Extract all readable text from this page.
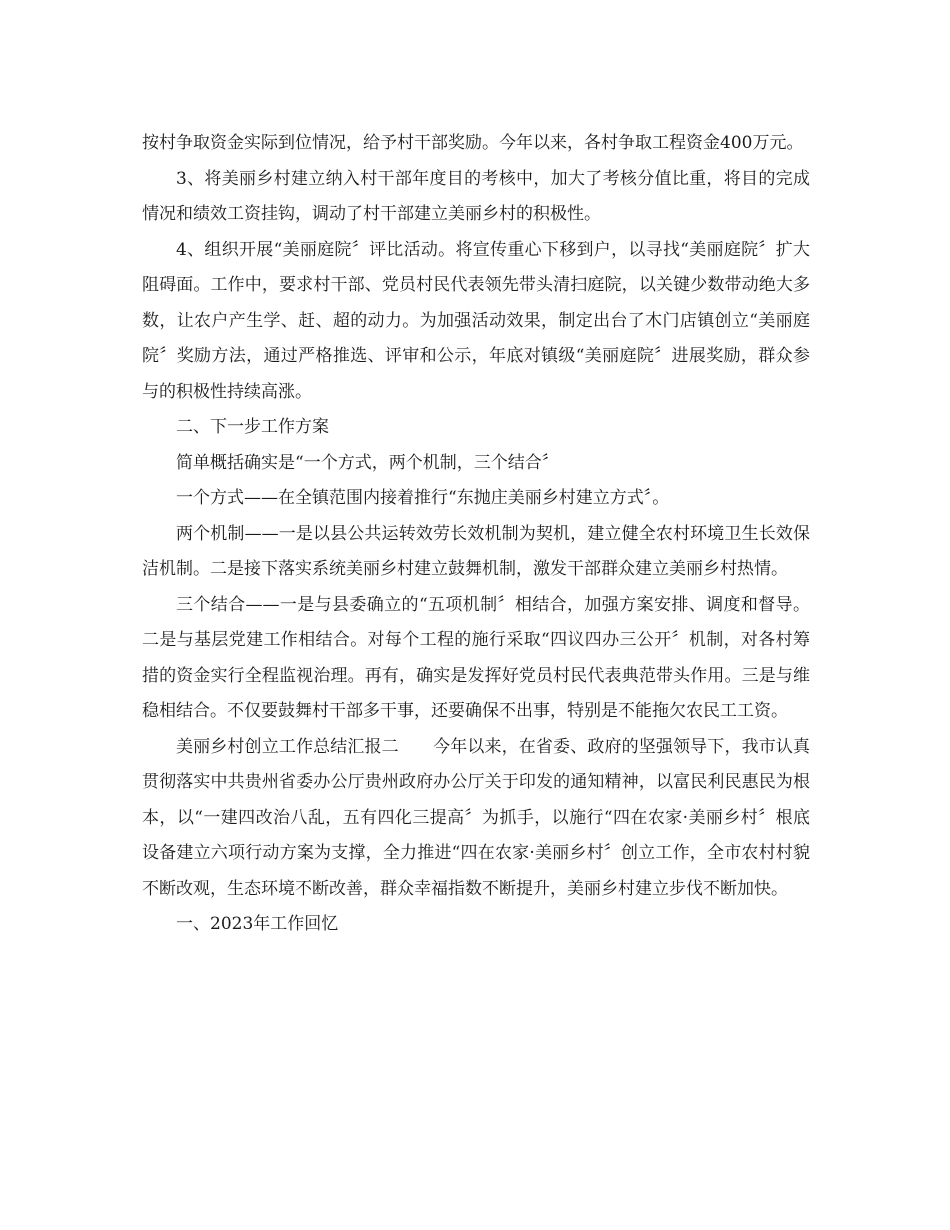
按村争取资金实际到位情况，给予村干部奖励。今年以来，各村争取工程资金400万元。

3、将美丽乡村建立纳入村干部年度目的考核中，加大了考核分值比重，将目的完成情况和绩效工资挂钩，调动了村干部建立美丽乡村的积极性。

4、组织开展“美丽庭院〞评比活动。将宣传重心下移到户，以寻找“美丽庭院〞扩大阻碍面。工作中，要求村干部、党员村民代表领先带头清扫庭院，以关键少数带动绝大多数，让农户产生学、赶、超的动力。为加强活动效果，制定出台了木门店镇创立“美丽庭院〞奖励方法，通过严格推选、评审和公示，年底对镇级“美丽庭院〞进展奖励，群众参与的积极性持续高涨。

二、下一步工作方案

简单概括确实是“一个方式，两个机制，三个结合〞

一个方式——在全镇范围内接着推行“东抛庄美丽乡村建立方式〞。

两个机制——一是以县公共运转效劳长效机制为契机，建立健全农村环境卫生长效保洁机制。二是接下落实系统美丽乡村建立鼓舞机制，激发干部群众建立美丽乡村热情。

三个结合——一是与县委确立的“五项机制〞相结合，加强方案安排、调度和督导。二是与基层党建工作相结合。对每个工程的施行采取“四议四办三公开〞机制，对各村筹措的资金实行全程监视治理。再有，确实是发挥好党员村民代表典范带头作用。三是与维稳相结合。不仅要鼓舞村干部多干事，还要确保不出事，特别是不能拖欠农民工工资。

美丽乡村创立工作总结汇报二　　今年以来，在省委、政府的坚强领导下，我市认真贯彻落实中共贵州省委办公厅贵州政府办公厅关于印发的通知精神，以富民利民惠民为根本，以“一建四改治八乱，五有四化三提高〞为抓手，以施行“四在农家·美丽乡村〞根底设备建立六项行动方案为支撑，全力推进“四在农家·美丽乡村〞创立工作，全市农村村貌不断改观，生态环境不断改善，群众幸福指数不断提升，美丽乡村建立步伐不断加快。

一、2023年工作回忆
